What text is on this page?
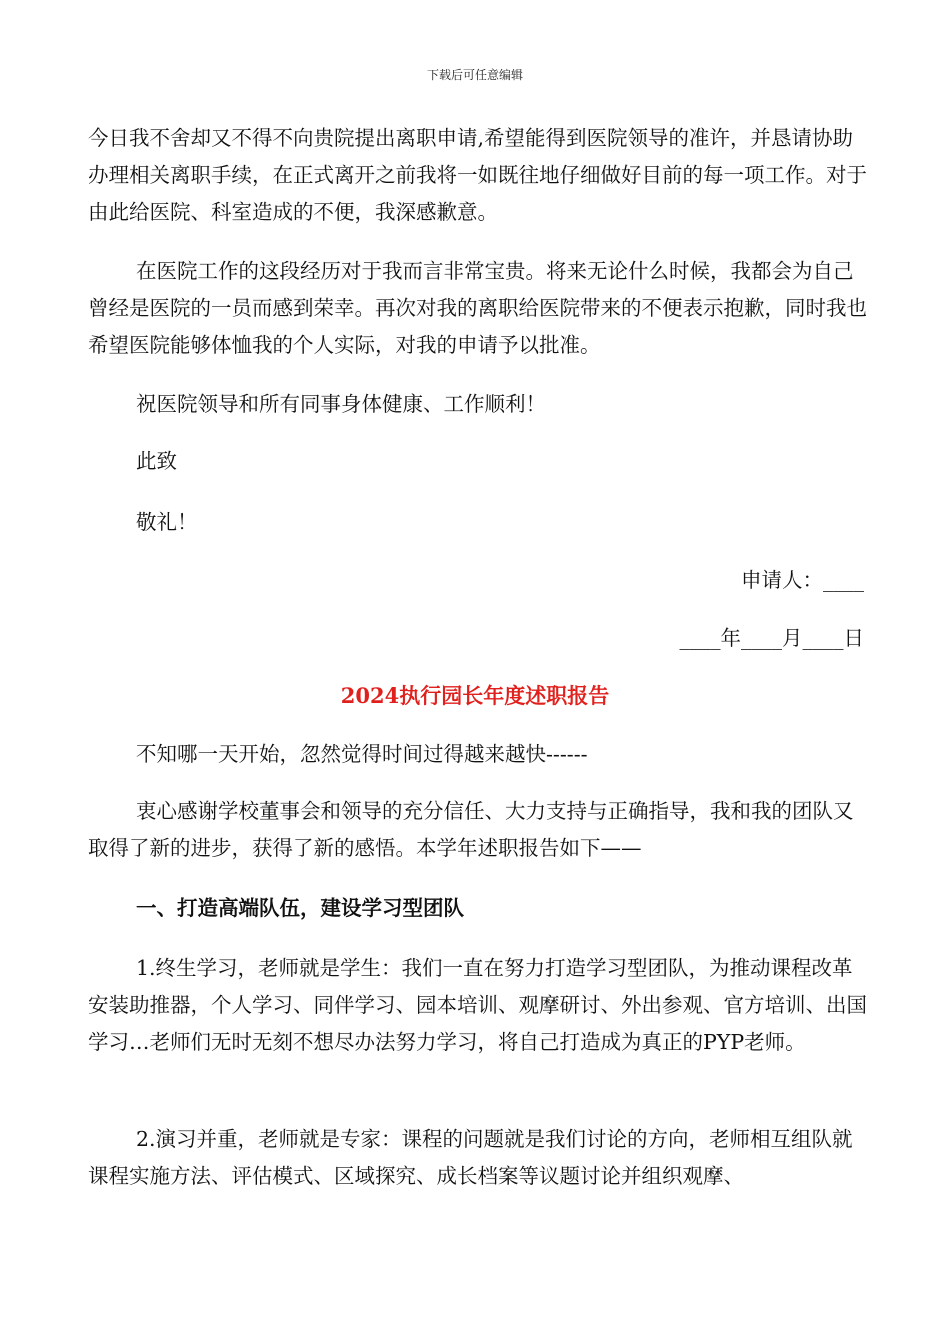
下载后可任意编辑

今日我不舍却又不得不向贵院提出离职申请,希望能得到医院领导的准许，并恳请协助办理相关离职手续，在正式离开之前我将一如既往地仔细做好目前的每一项工作。对于由此给医院、科室造成的不便，我深感歉意。

在医院工作的这段经历对于我而言非常宝贵。将来无论什么时候，我都会为自己曾经是医院的一员而感到荣幸。再次对我的离职给医院带来的不便表示抱歉，同时我也希望医院能够体恤我的个人实际，对我的申请予以批准。

祝医院领导和所有同事身体健康、工作顺利！

此致

敬礼！

申请人：____

____年____月____日

2024执行园长年度述职报告

不知哪一天开始，忽然觉得时间过得越来越快------

衷心感谢学校董事会和领导的充分信任、大力支持与正确指导，我和我的团队又取得了新的进步，获得了新的感悟。本学年述职报告如下——

一、打造高端队伍，建设学习型团队

1.终生学习，老师就是学生：我们一直在努力打造学习型团队，为推动课程改革安装助推器，个人学习、同伴学习、园本培训、观摩研讨、外出参观、官方培训、出国学习…老师们无时无刻不想尽办法努力学习，将自己打造成为真正的PYP老师。

2.演习并重，老师就是专家：课程的问题就是我们讨论的方向，老师相互组队就课程实施方法、评估模式、区域探究、成长档案等议题讨论并组织观摩、
